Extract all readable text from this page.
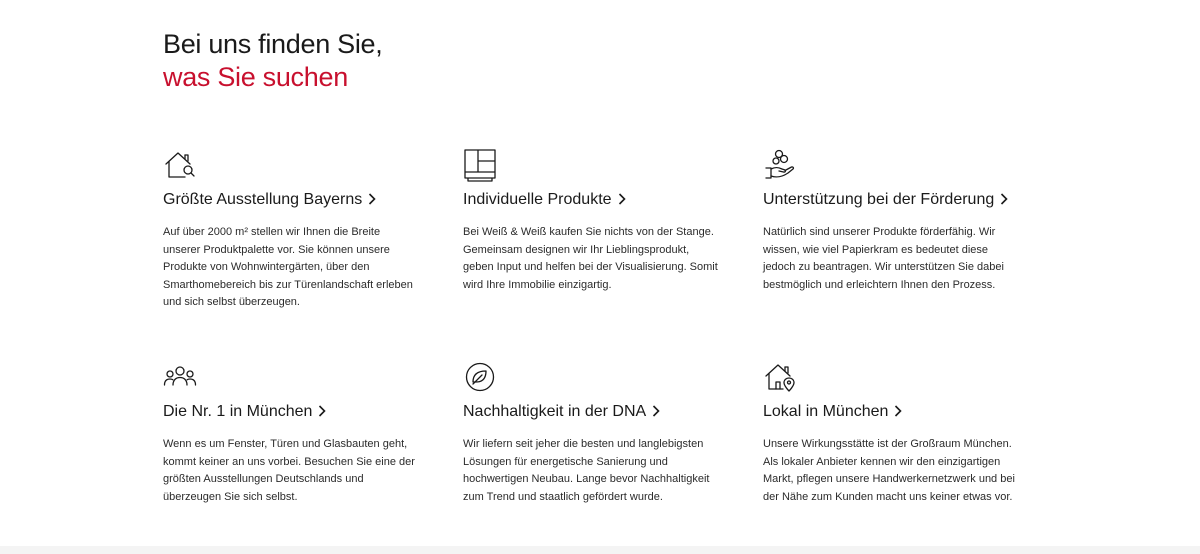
Bei uns finden Sie,
was Sie suchen
Größte Ausstellung Bayerns

Auf über 2000 m² stellen wir Ihnen die Breite unserer Produktpalette vor. Sie können unsere Produkte von Wohnwintergärten, über den Smarthomebereich bis zur Türenlandschaft erleben und sich selbst überzeugen.

Individuelle Produkte

Bei Weiß & Weiß kaufen Sie nichts von der Stange. Gemeinsam designen wir Ihr Lieblingsprodukt, geben Input und helfen bei der Visualisierung. Somit wird Ihre Immobilie einzigartig.

Unterstützung bei der Förderung

Natürlich sind unserer Produkte förderfähig. Wir wissen, wie viel Papierkram es bedeutet diese jedoch zu beantragen. Wir unterstützen Sie dabei bestmöglich und erleichtern Ihnen den Prozess.

Die Nr. 1 in München

Wenn es um Fenster, Türen und Glasbauten geht, kommt keiner an uns vorbei. Besuchen Sie eine der größten Ausstellungen Deutschlands und überzeugen Sie sich selbst.

Nachhaltigkeit in der DNA

Wir liefern seit jeher die besten und langlebigsten Lösungen für energetische Sanierung und hochwertigen Neubau. Lange bevor Nachhaltigkeit zum Trend und staatlich gefördert wurde.

Lokal in München

Unsere Wirkungsstätte ist der Großraum München. Als lokaler Anbieter kennen wir den einzigartigen Markt, pflegen unsere Handwerkernetzwerk und bei der Nähe zum Kunden macht uns keiner etwas vor.
